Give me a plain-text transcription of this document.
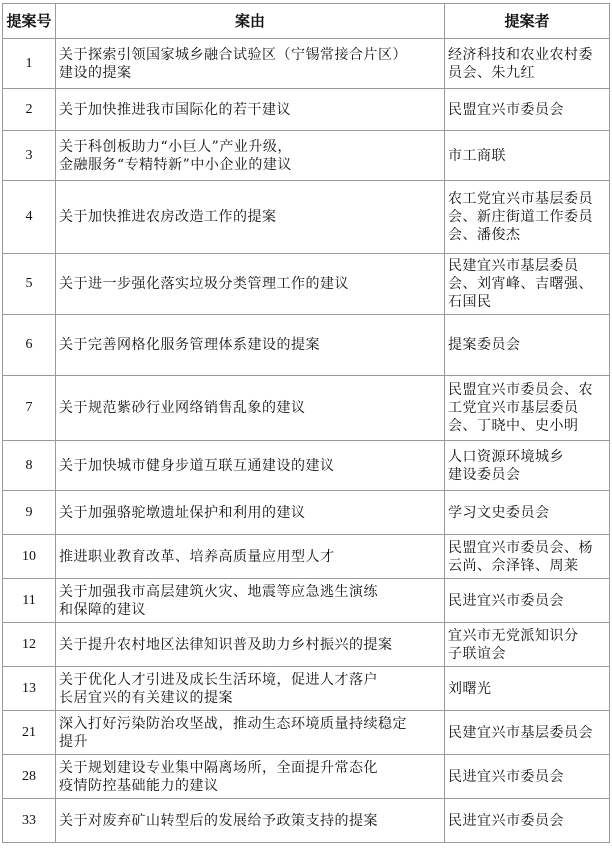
提案号	案由	提案者
1	关于探索引领国家城乡融合试验区（宁锡常接合片区）
建设的提案	经济科技和农业农村委
员会、朱九红
2	关于加快推进我市国际化的若干建议	民盟宜兴市委员会
3	关于科创板助力“小巨人”产业升级，
金融服务“专精特新”中小企业的建议	市工商联
4	关于加快推进农房改造工作的提案	农工党宜兴市基层委员
会、新庄街道工作委员
会、潘俊杰
5	关于进一步强化落实垃圾分类管理工作的建议	民建宜兴市基层委员
会、刘宵峰、吉曙强、
石国民
6	关于完善网格化服务管理体系建设的提案	提案委员会
7	关于规范紫砂行业网络销售乱象的建议	民盟宜兴市委员会、农
工党宜兴市基层委员
会、丁晓中、史小明
8	关于加快城市健身步道互联互通建设的建议	人口资源环境城乡
建设委员会
9	关于加强骆驼墩遗址保护和利用的建议	学习文史委员会
10	推进职业教育改革、培养高质量应用型人才	民盟宜兴市委员会、杨
云尚、佘泽锋、周莱
11	关于加强我市高层建筑火灾、地震等应急逃生演练
和保障的建议	民进宜兴市委员会
12	关于提升农村地区法律知识普及助力乡村振兴的提案	宜兴市无党派知识分
子联谊会
13	关于优化人才引进及成长生活环境，促进人才落户
长居宜兴的有关建议的提案	刘曙光
21	深入打好污染防治攻坚战，推动生态环境质量持续稳定
提升	民建宜兴市基层委员会
28	关于规划建设专业集中隔离场所，全面提升常态化
疫情防控基础能力的建议	民进宜兴市委员会
33	关于对废弃矿山转型后的发展给予政策支持的提案	民进宜兴市委员会
